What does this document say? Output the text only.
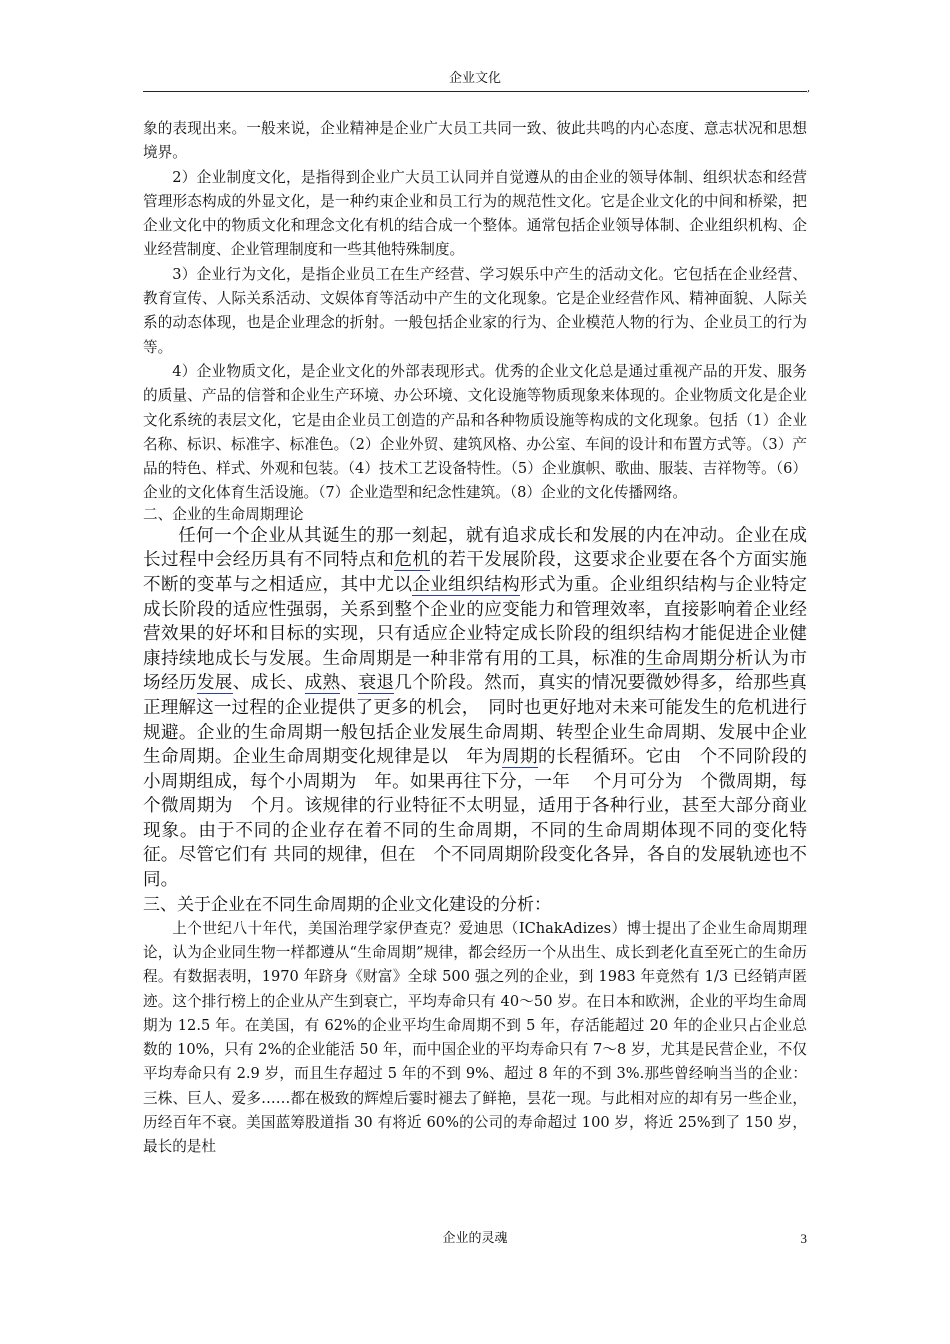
企业文化
,

象的表现出来。一般来说，企业精神是企业广大员工共同一致、彼此共鸣的内心态度、意志状况和思想境界。

2）企业制度文化，是指得到企业广大员工认同并自觉遵从的由企业的领导体制、组织状态和经营管理形态构成的外显文化，是一种约束企业和员工行为的规范性文化。它是企业文化的中间和桥梁，把企业文化中的物质文化和理念文化有机的结合成一个整体。通常包括企业领导体制、企业组织机构、企业经营制度、企业管理制度和一些其他特殊制度。

3）企业行为文化，是指企业员工在生产经营、学习娱乐中产生的活动文化。它包括在企业经营、教育宣传、人际关系活动、文娱体育等活动中产生的文化现象。它是企业经营作风、精神面貌、人际关系的动态体现，也是企业理念的折射。一般包括企业家的行为、企业模范人物的行为、企业员工的行为等。

4）企业物质文化，是企业文化的外部表现形式。优秀的企业文化总是通过重视产品的开发、服务的质量、产品的信誉和企业生产环境、办公环境、文化设施等物质现象来体现的。企业物质文化是企业文化系统的表层文化，它是由企业员工创造的产品和各种物质设施等构成的文化现象。包括（1）企业名称、标识、标准字、标准色。（2）企业外贸、建筑风格、办公室、车间的设计和布置方式等。（3）产品的特色、样式、外观和包装。（4）技术工艺设备特性。（5）企业旗帜、歌曲、服装、吉祥物等。（6）企业的文化体育生活设施。（7）企业造型和纪念性建筑。（8）企业的文化传播网络。

二、企业的生命周期理论

任何一个企业从其诞生的那一刻起，就有追求成长和发展的内在冲动。企业在成长过程中会经历具有不同特点和危机的若干发展阶段，这要求企业要在各个方面实施不断的变革与之相适应，其中尤以企业组织结构形式为重。企业组织结构与企业特定成长阶段的适应性强弱，关系到整个企业的应变能力和管理效率，直接影响着企业经营效果的好坏和目标的实现，只有适应企业特定成长阶段的组织结构才能促进企业健康持续地成长与发展。生命周期是一种非常有用的工具，标准的生命周期分析认为市场经历发展、成长、成熟、衰退几个阶段。然而，真实的情况要微妙得多，给那些真正理解这一过程的企业提供了更多的机会，　同时也更好地对未来可能发生的危机进行规避。企业的生命周期一般包括企业发展生命周期、转型企业生命周期、发展中企业生命周期。企业生命周期变化规律是以　年为周期的长程循环。它由　个不同阶段的小周期组成，每个小周期为　年。如果再往下分，一年　 个月可分为　个微周期，每个微周期为　个月。该规律的行业特征不太明显，适用于各种行业，甚至大部分商业现象。由于不同的企业存在着不同的生命周期，不同的生命周期体现不同的变化特征。尽管它们有 共同的规律，但在　个不同周期阶段变化各异，各自的发展轨迹也不同。

三、关于企业在不同生命周期的企业文化建设的分析：

上个世纪八十年代，美国治理学家伊查克？爱迪思（IChakAdizes）博士提出了企业生命周期理论，认为企业同生物一样都遵从“生命周期”规律，都会经历一个从出生、成长到老化直至死亡的生命历程。有数据表明，1970 年跻身《财富》全球 500 强之列的企业，到 1983 年竟然有 1/3 已经销声匿迹。这个排行榜上的企业从产生到衰亡，平均寿命只有 40～50 岁。在日本和欧洲，企业的平均生命周期为 12.5 年。在美国，有 62%的企业平均生命周期不到 5 年，存活能超过 20 年的企业只占企业总数的 10%，只有 2%的企业能活 50 年，而中国企业的平均寿命只有 7～8 岁，尤其是民营企业，不仅平均寿命只有 2.9 岁，而且生存超过 5 年的不到 9%、超过 8 年的不到 3%.那些曾经响当当的企业：三株、巨人、爱多……都在极致的辉煌后霎时褪去了鲜艳，昙花一现。与此相对应的却有另一些企业，历经百年不衰。美国蓝筹股道指 30 有将近 60%的公司的寿命超过 100 岁，将近 25%到了 150 岁，最长的是杜

企业的灵魂	3
